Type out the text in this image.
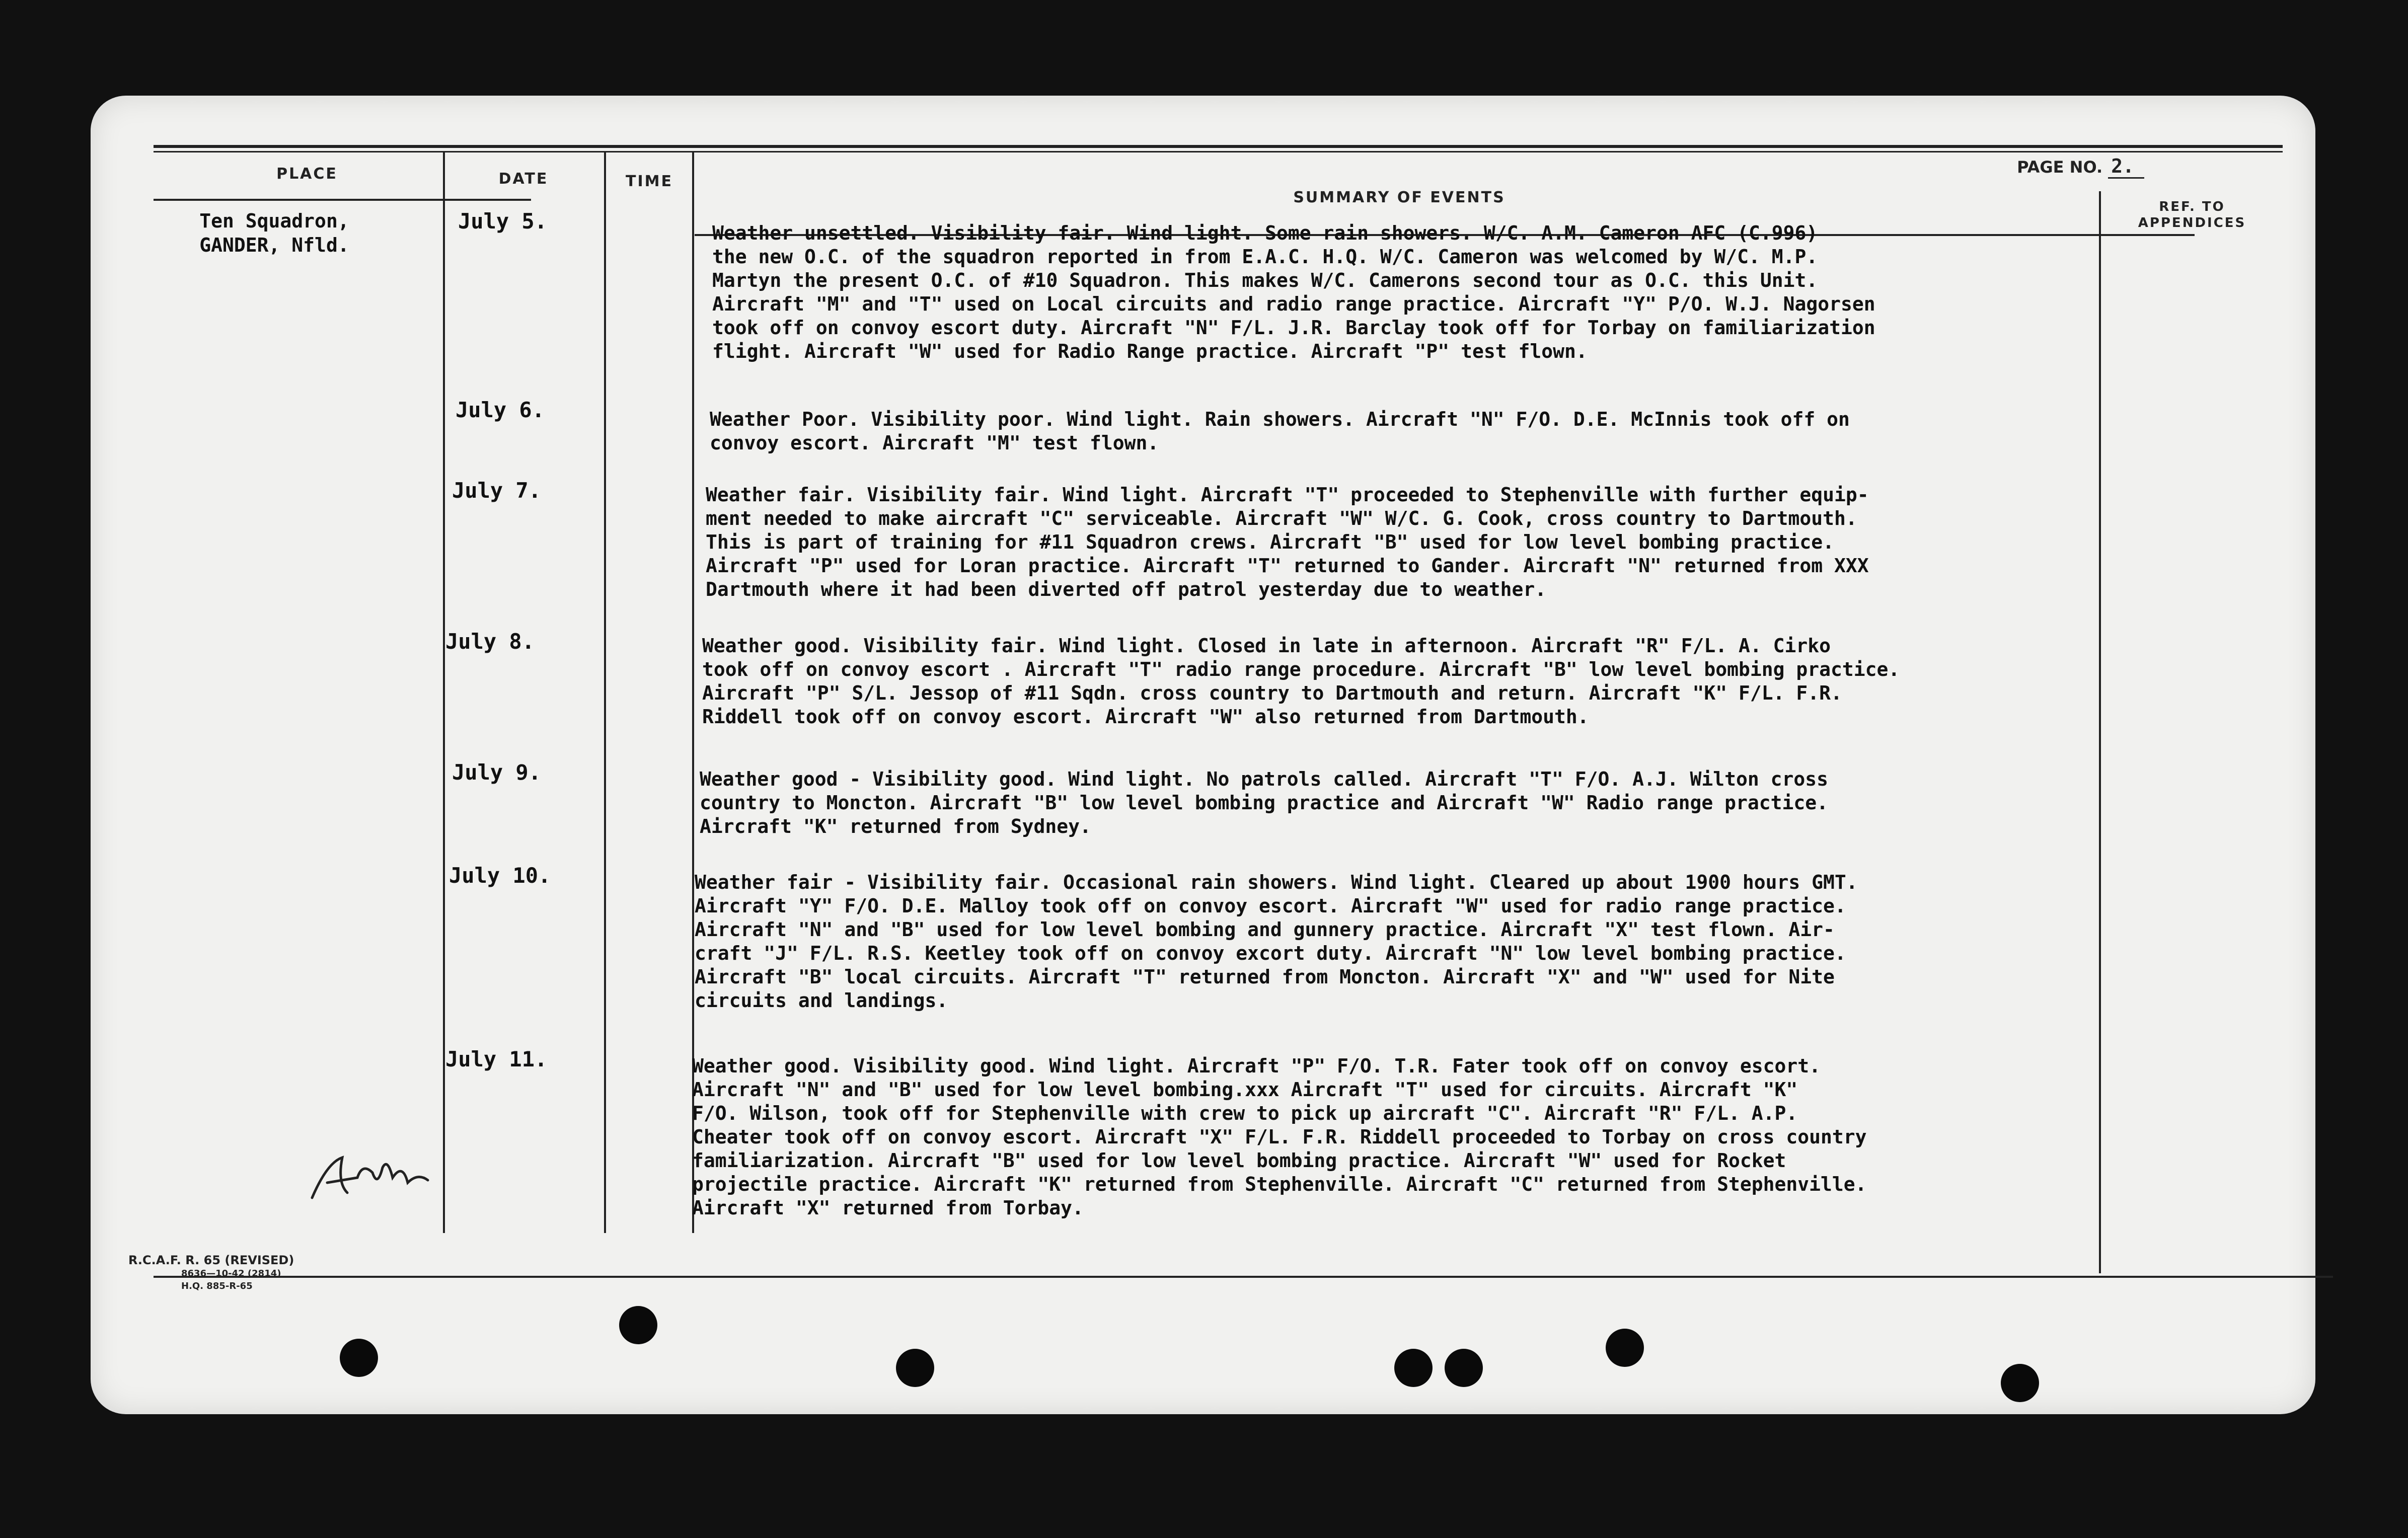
PLACE	DATE	TIME
SUMMARY OF EVENTS
REF. TO
APPENDICES
PAGE NO. 2.
Ten Squadron,
GANDER, Nfld.
July 5.
July 6.
July 7.
July 8.
July 9.
July 10.
July 11.
Weather unsettled. Visibility fair. Wind light. Some rain showers. W/C. A.M. Cameron AFC (C.996)
the new O.C. of the squadron reported in from E.A.C. H.Q. W/C. Cameron was welcomed by W/C. M.P.
Martyn the present O.C. of #10 Squadron. This makes W/C. Camerons second tour as O.C. this Unit.
Aircraft "M" and "T" used on Local circuits and radio range practice. Aircraft "Y" P/O. W.J. Nagorsen
took off on convoy escort duty. Aircraft "N" F/L. J.R. Barclay took off for Torbay on familiarization
flight. Aircraft "W" used for Radio Range practice. Aircraft "P" test flown.
Weather Poor. Visibility poor. Wind light. Rain showers. Aircraft "N" F/O. D.E. McInnis took off on
convoy escort. Aircraft "M" test flown.
Weather fair. Visibility fair. Wind light. Aircraft "T" proceeded to Stephenville with further equip-
ment needed to make aircraft "C" serviceable. Aircraft "W" W/C. G. Cook, cross country to Dartmouth.
This is part of training for #11 Squadron crews. Aircraft "B" used for low level bombing practice.
Aircraft "P" used for Loran practice. Aircraft "T" returned to Gander. Aircraft "N" returned from XXX
Dartmouth where it had been diverted off patrol yesterday due to weather.
Weather good. Visibility fair. Wind light. Closed in late in afternoon. Aircraft "R" F/L. A. Cirko
took off on convoy escort . Aircraft "T" radio range procedure. Aircraft "B" low level bombing practice.
Aircraft "P" S/L. Jessop of #11 Sqdn. cross country to Dartmouth and return. Aircraft "K" F/L. F.R.
Riddell took off on convoy escort. Aircraft "W" also returned from Dartmouth.
Weather good - Visibility good. Wind light. No patrols called. Aircraft "T" F/O. A.J. Wilton cross
country to Moncton. Aircraft "B" low level bombing practice and Aircraft "W" Radio range practice.
Aircraft "K" returned from Sydney.
Weather fair - Visibility fair. Occasional rain showers. Wind light. Cleared up about 1900 hours GMT.
Aircraft "Y" F/O. D.E. Malloy took off on convoy escort. Aircraft "W" used for radio range practice.
Aircraft "N" and "B" used for low level bombing and gunnery practice. Aircraft "X" test flown. Air-
craft "J" F/L. R.S. Keetley took off on convoy excort duty. Aircraft "N" low level bombing practice.
Aircraft "B" local circuits. Aircraft "T" returned from Moncton. Aircraft "X" and "W" used for Nite
circuits and landings.
Weather good. Visibility good. Wind light. Aircraft "P" F/O. T.R. Fater took off on convoy escort.
Aircraft "N" and "B" used for low level bombing.xxx Aircraft "T" used for circuits. Aircraft "K"
F/O. Wilson, took off for Stephenville with crew to pick up aircraft "C". Aircraft "R" F/L. A.P.
Cheater took off on convoy escort. Aircraft "X" F/L. F.R. Riddell proceeded to Torbay on cross country
familiarization. Aircraft "B" used for low level bombing practice. Aircraft "W" used for Rocket
projectile practice. Aircraft "K" returned from Stephenville. Aircraft "C" returned from Stephenville.
Aircraft "X" returned from Torbay.
R.C.A.F. R. 65 (REVISED)
8636—10-42 (2814)
H.Q. 885-R-65
